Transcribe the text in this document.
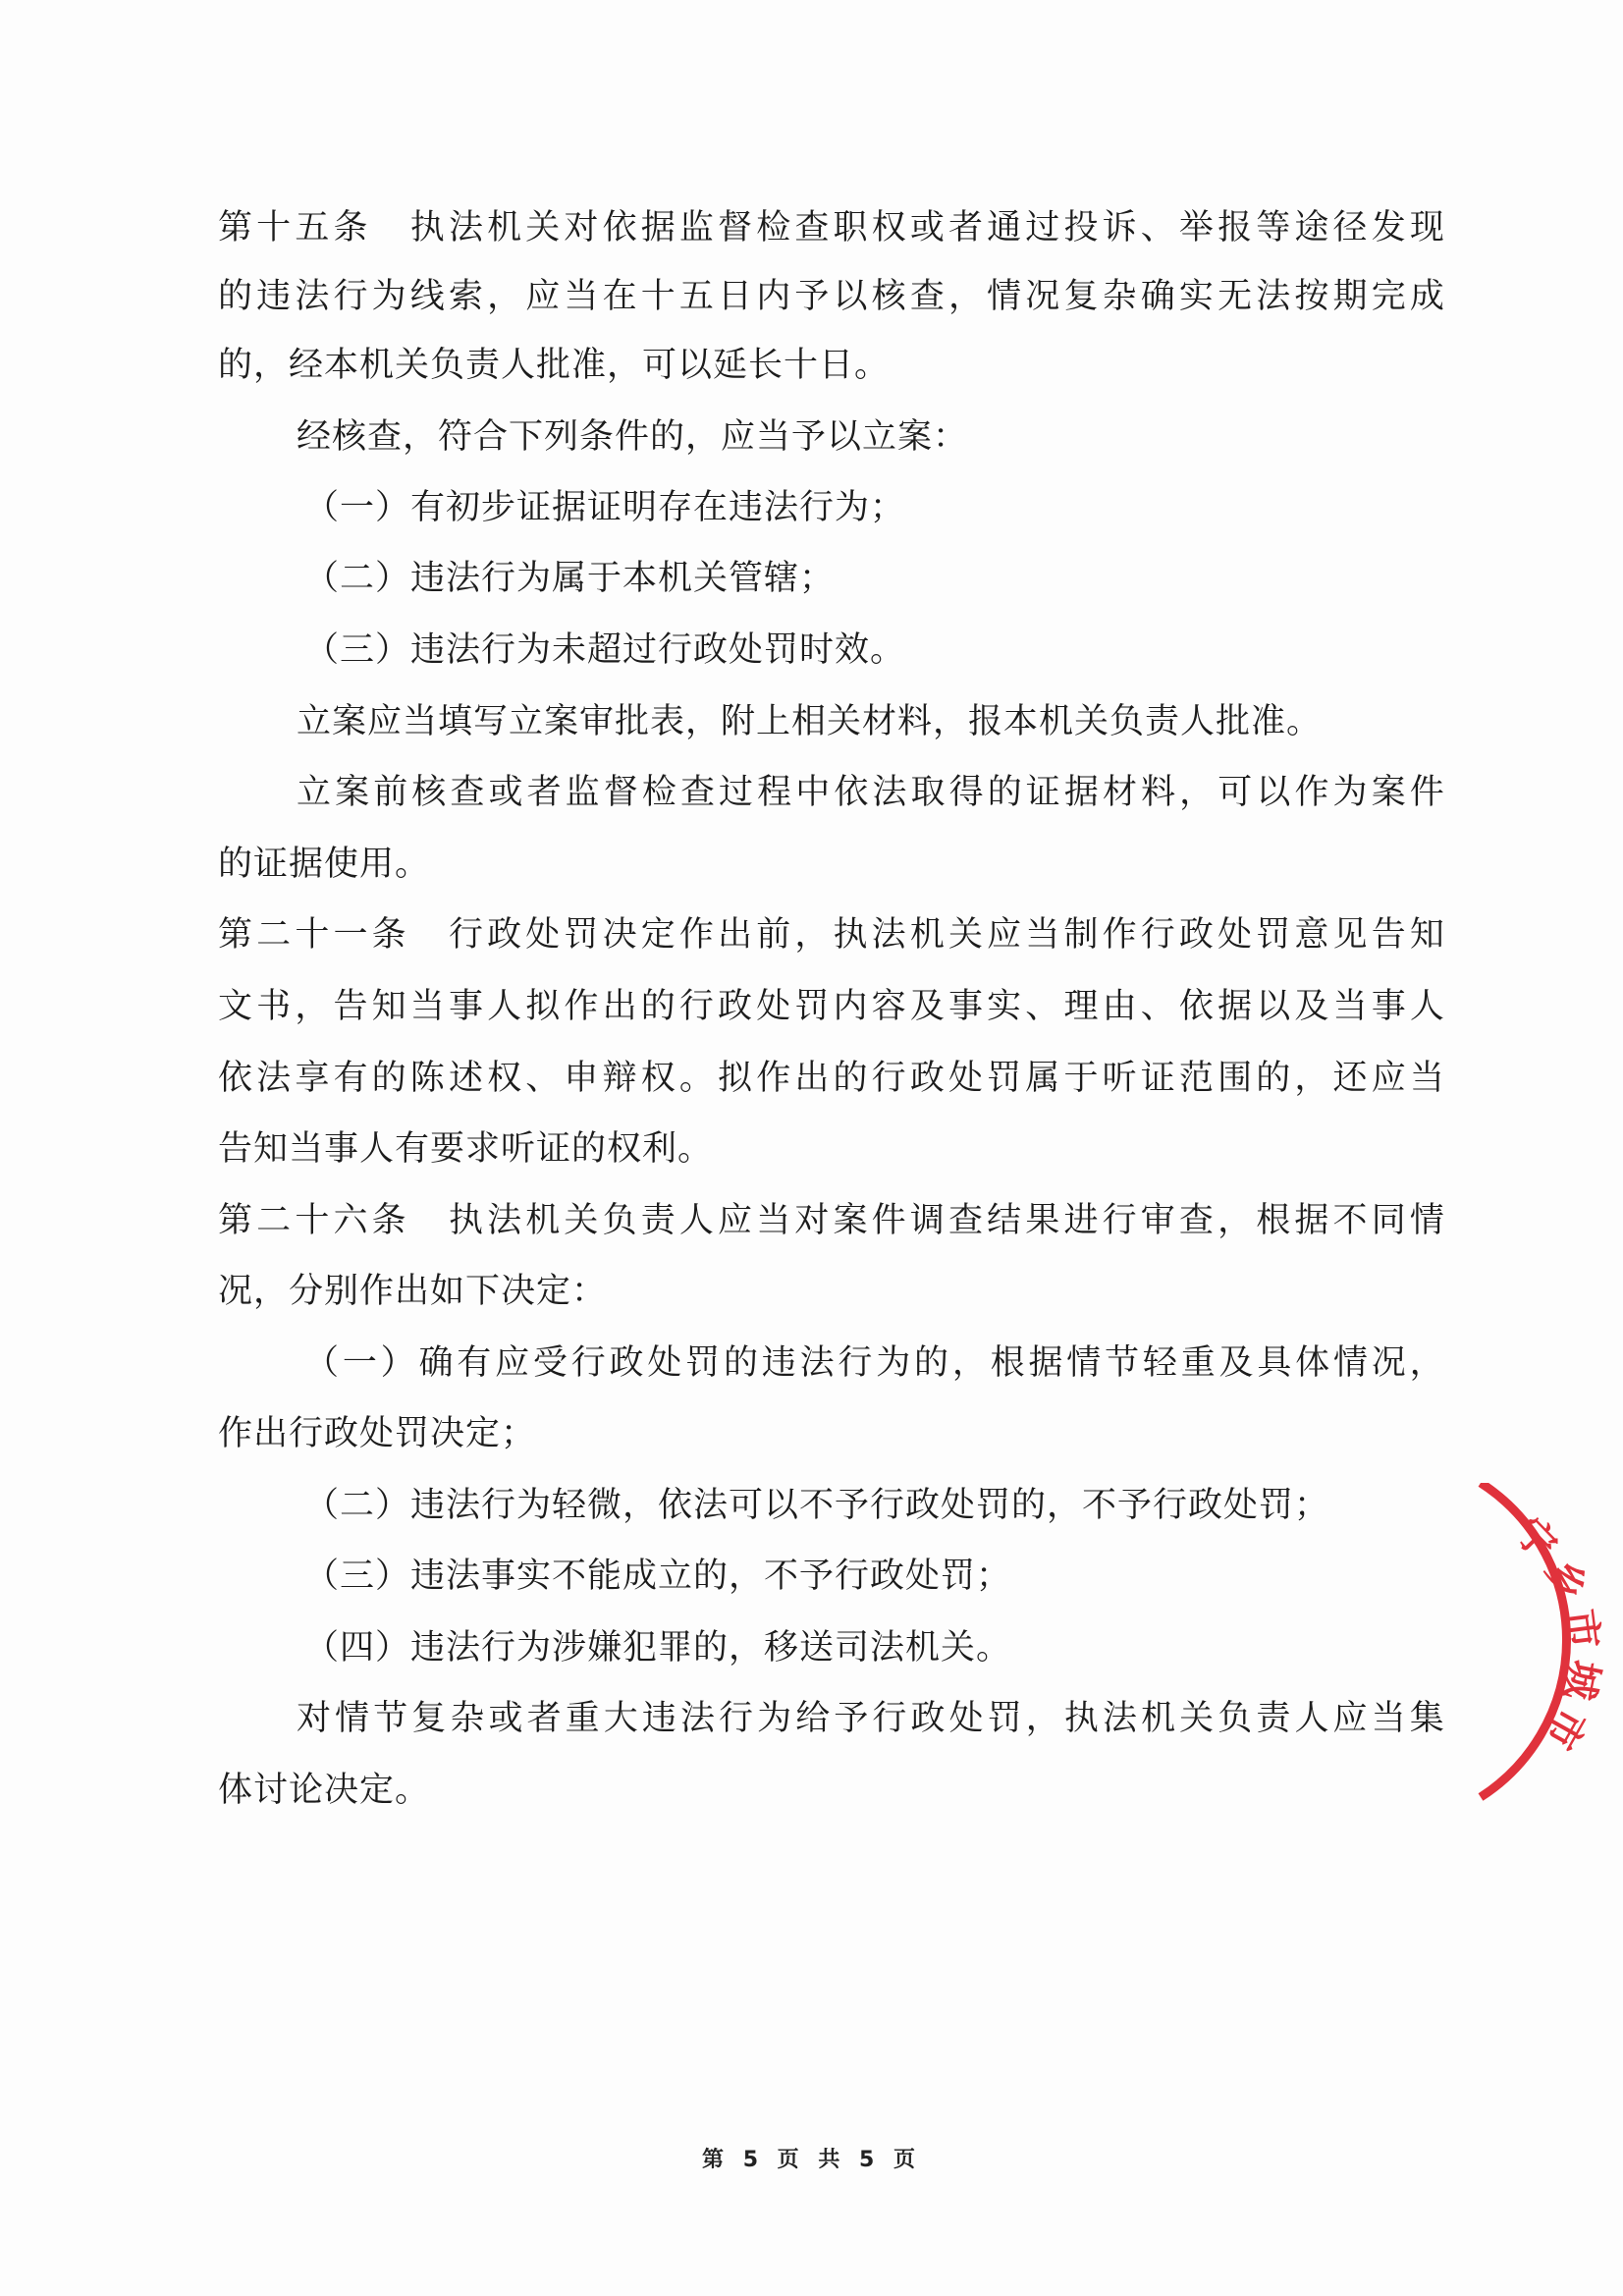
第 十 五 条
　 执 法 机 关 对 依 据 监 督 检 查 职 权 或 者 通 过 投 诉 、 举 报 等 途 径 发 现
的 违 法 行 为 线 索 ， 应 当 在 十 五 日 内 予 以 核 查 ， 情 况 复 杂 确 实 无 法 按 期 完 成
的，经本机关负责人批准，可以延长十日。
经核查，符合下列条件的，应当予以立案：
（一）有初步证据证明存在违法行为；
（二）违法行为属于本机关管辖；
（三）违法行为未超过行政处罚时效。
立案应当填写立案审批表，附上相关材料，报本机关负责人批准。
立 案 前 核 查 或 者 监 督 检 查 过 程 中 依 法 取 得 的 证 据 材 料 ， 可 以 作 为 案 件
的证据使用。
第 二 十 一 条
　 行 政 处 罚 决 定 作 出 前 ， 执 法 机 关 应 当 制 作 行 政 处 罚 意 见 告 知
文 书 ， 告 知 当 事 人 拟 作 出 的 行 政 处 罚 内 容 及 事 实 、 理 由 、 依 据 以 及 当 事 人
依 法 享 有 的 陈 述 权 、 申 辩 权 。 拟 作 出 的 行 政 处 罚 属 于 听 证 范 围 的 ， 还 应 当
告知当事人有要求听证的权利。
第 二 十 六 条
　 执 法 机 关 负 责 人 应 当 对 案 件 调 查 结 果 进 行 审 查 ， 根 据 不 同 情
况，分别作出如下决定：
（ 一 ） 确 有 应 受 行 政 处 罚 的 违 法 行 为 的 ， 根 据 情 节 轻 重 及 具 体 情 况 ，
作出行政处罚决定；
（二）违法行为轻微，依法可以不予行政处罚的，不予行政处罚；
（三）违法事实不能成立的，不予行政处罚；
（四）违法行为涉嫌犯罪的，移送司法机关。
对 情 节 复 杂 或 者 重 大 违 法 行 为 给 予 行 政 处 罚 ， 执 法 机 关 负 责 人 应 当 集
体讨论决定。
宁乡市城市
第 5 页 共 5 页
